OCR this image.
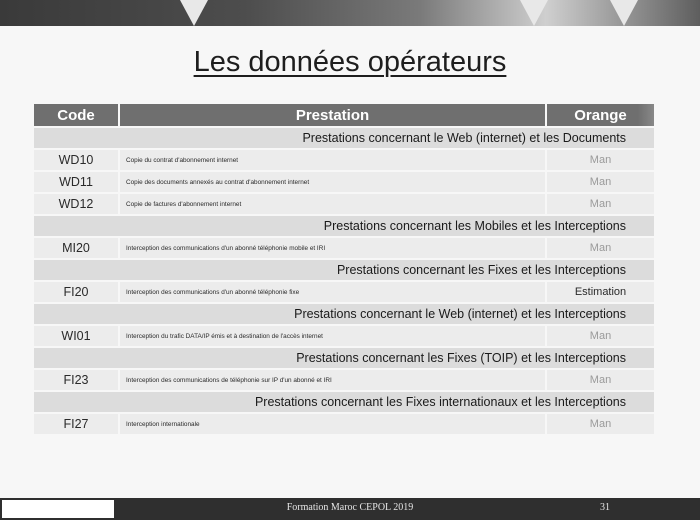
Les données opérateurs
Code	Prestation	Orange
Prestations concernant le Web (internet) et les Documents		
WD10	Copie du contrat d'abonnement internet	Man
WD11	Copie des documents annexés au contrat d'abonnement internet	Man
WD12	Copie de factures d'abonnement internet	Man
Prestations concernant les Mobiles et les Interceptions		
MI20	Interception des communications d'un abonné téléphonie mobile et IRI	Man
Prestations concernant les Fixes et les Interceptions		
FI20	Interception des communications d'un abonné téléphonie fixe	Estimation
Prestations concernant le Web (internet) et les Interceptions		
WI01	Interception du trafic DATA/IP émis et à destination de l'accès internet	Man
Prestations concernant les Fixes (TOIP) et les Interceptions		
FI23	Interception des communications de téléphonie sur IP d'un abonné et IRI	Man
Prestations concernant les Fixes internationaux et les Interceptions		
FI27	Interception internationale	Man
Formation Maroc CEPOL 2019	31
